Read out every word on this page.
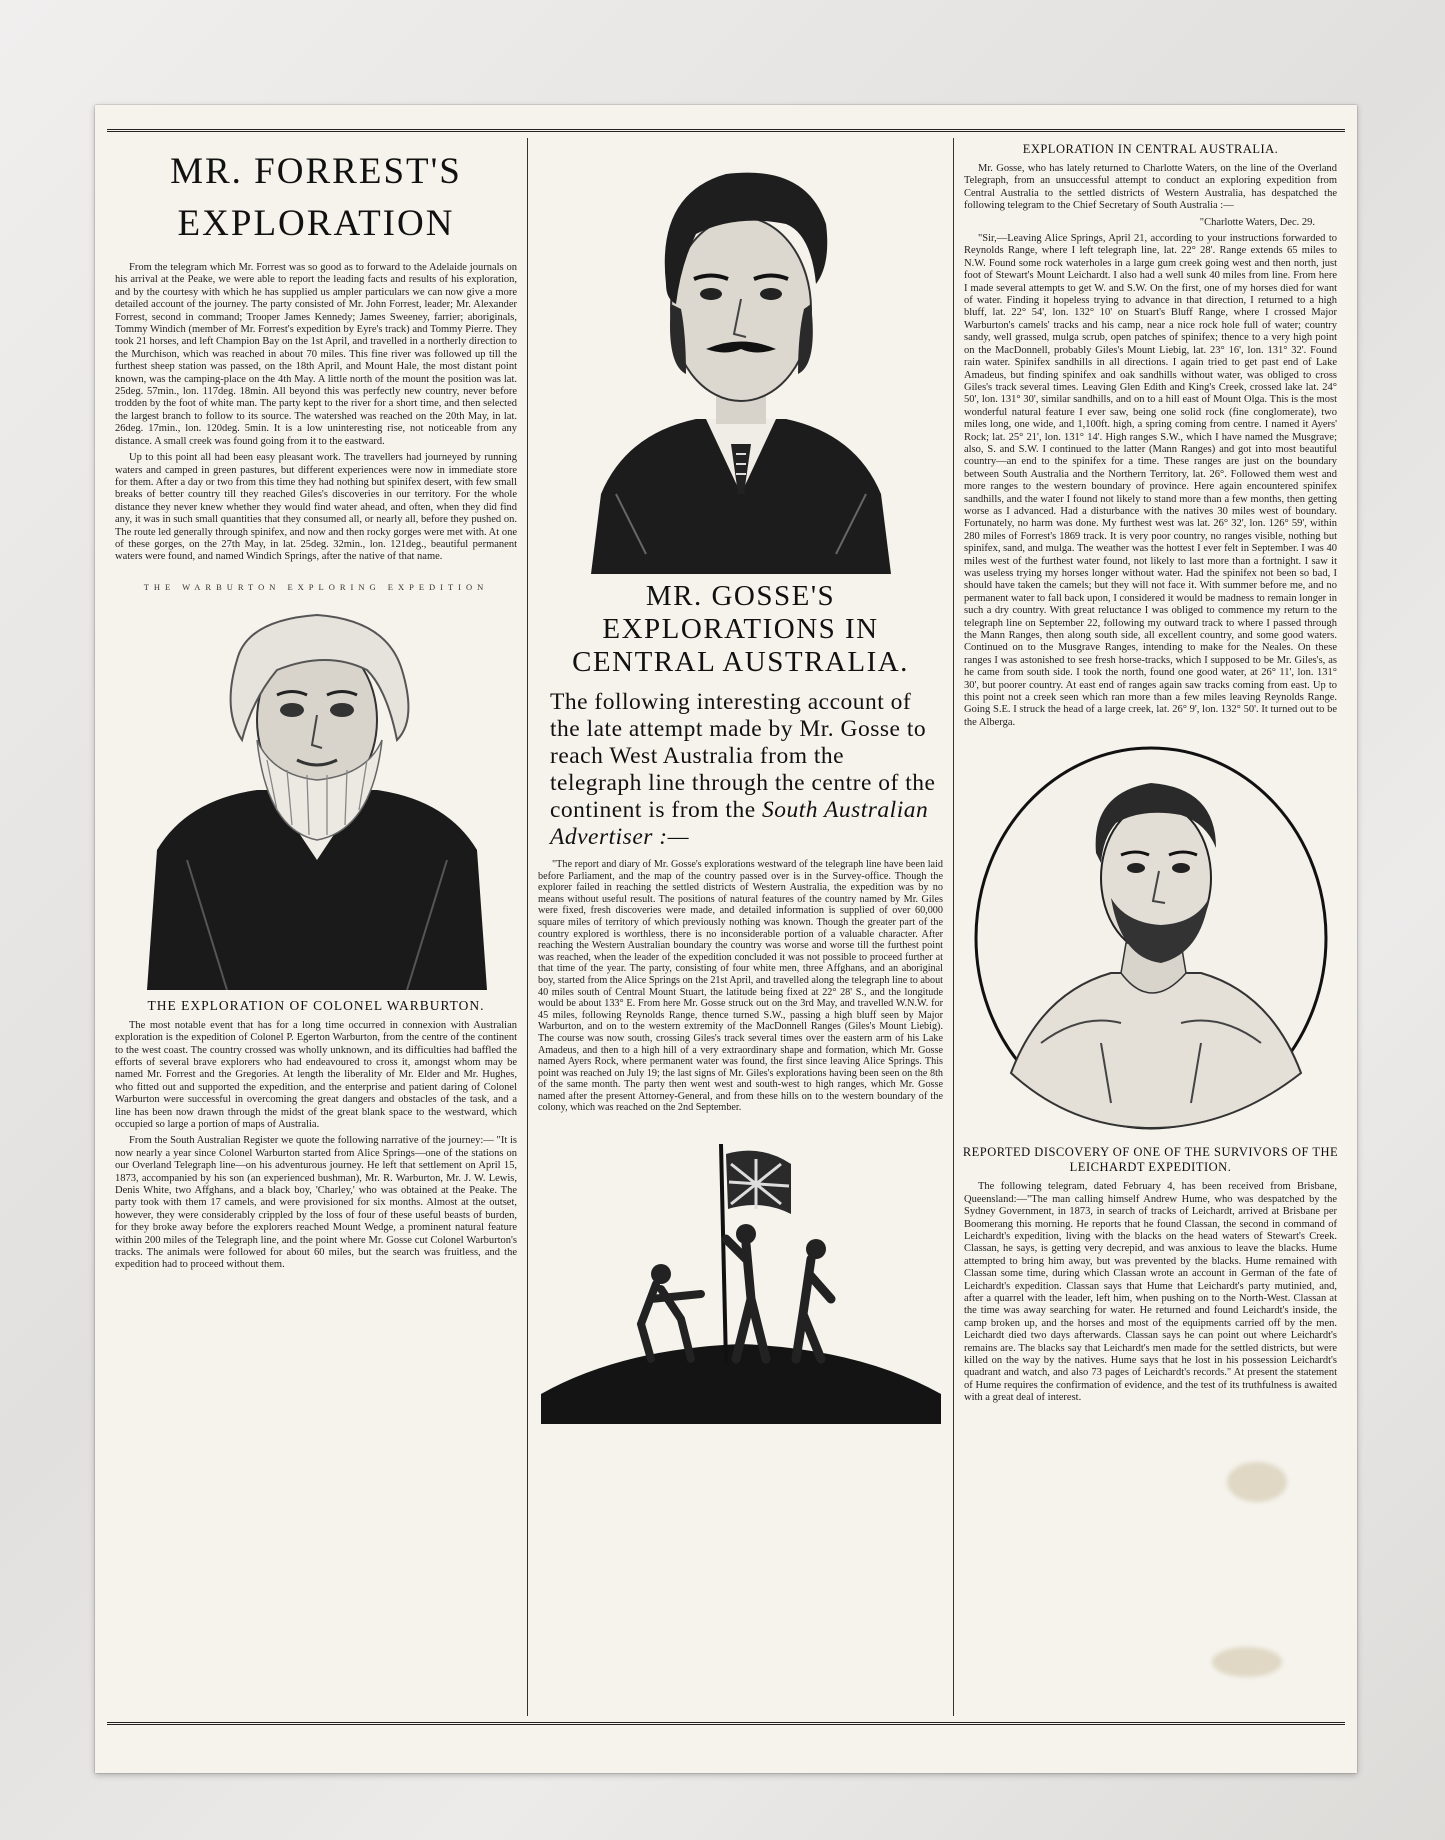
MR. FORREST'S
EXPLORATION

From the telegram which Mr. Forrest was so good as to forward to the Adelaide journals on his arrival at the Peake, we were able to report the leading facts and results of his exploration, and by the courtesy with which he has supplied us ampler particulars we can now give a more detailed account of the journey. The party consisted of Mr. John Forrest, leader; Mr. Alexander Forrest, second in command; Trooper James Kennedy; James Sweeney, farrier; aboriginals, Tommy Windich (member of Mr. Forrest's expedition by Eyre's track) and Tommy Pierre. They took 21 horses, and left Champion Bay on the 1st April, and travelled in a northerly direction to the Murchison, which was reached in about 70 miles. This fine river was followed up till the furthest sheep station was passed, on the 18th April, and Mount Hale, the most distant point known, was the camping-place on the 4th May. A little north of the mount the position was lat. 25deg. 57min., lon. 117deg. 18min. All beyond this was perfectly new country, never before trodden by the foot of white man. The party kept to the river for a short time, and then selected the largest branch to follow to its source. The watershed was reached on the 20th May, in lat. 26deg. 17min., lon. 120deg. 5min. It is a low uninteresting rise, not noticeable from any distance. A small creek was found going from it to the eastward.

Up to this point all had been easy pleasant work. The travellers had journeyed by running waters and camped in green pastures, but different experiences were now in immediate store for them. After a day or two from this time they had nothing but spinifex desert, with few small breaks of better country till they reached Giles's discoveries in our territory. For the whole distance they never knew whether they would find water ahead, and often, when they did find any, it was in such small quantities that they consumed all, or nearly all, before they pushed on. The route led generally through spinifex, and now and then rocky gorges were met with. At one of these gorges, on the 27th May, in lat. 25deg. 32min., lon. 121deg., beautiful permanent waters were found, and named Windich Springs, after the native of that name.

THE WARBURTON EXPLORING EXPEDITION
THE EXPLORATION OF COLONEL WARBURTON.

The most notable event that has for a long time occurred in connexion with Australian exploration is the expedition of Colonel P. Egerton Warburton, from the centre of the continent to the west coast. The country crossed was wholly unknown, and its difficulties had baffled the efforts of several brave explorers who had endeavoured to cross it, amongst whom may be named Mr. Forrest and the Gregories. At length the liberality of Mr. Elder and Mr. Hughes, who fitted out and supported the expedition, and the enterprise and patient daring of Colonel Warburton were successful in overcoming the great dangers and obstacles of the task, and a line has been now drawn through the midst of the great blank space to the westward, which occupied so large a portion of maps of Australia.

From the South Australian Register we quote the following narrative of the journey:— "It is now nearly a year since Colonel Warburton started from Alice Springs—one of the stations on our Overland Telegraph line—on his adventurous journey. He left that settlement on April 15, 1873, accompanied by his son (an experienced bushman), Mr. R. Warburton, Mr. J. W. Lewis, Denis White, two Affghans, and a black boy, 'Charley,' who was obtained at the Peake. The party took with them 17 camels, and were provisioned for six months. Almost at the outset, however, they were considerably crippled by the loss of four of these useful beasts of burden, for they broke away before the explorers reached Mount Wedge, a prominent natural feature within 200 miles of the Telegraph line, and the point where Mr. Gosse cut Colonel Warburton's tracks. The animals were followed for about 60 miles, but the search was fruitless, and the expedition had to proceed without them.

MR. GOSSE'S EXPLORATIONS IN CENTRAL AUSTRALIA.
The following interesting account of the late attempt made by Mr. Gosse to reach West Australia from the telegraph line through the centre of the continent is from the South Australian Advertiser :—

"The report and diary of Mr. Gosse's explorations westward of the telegraph line have been laid before Parliament, and the map of the country passed over is in the Survey-office. Though the explorer failed in reaching the settled districts of Western Australia, the expedition was by no means without useful result. The positions of natural features of the country named by Mr. Giles were fixed, fresh discoveries were made, and detailed information is supplied of over 60,000 square miles of territory of which previously nothing was known. Though the greater part of the country explored is worthless, there is no inconsiderable portion of a valuable character. After reaching the Western Australian boundary the country was worse and worse till the furthest point was reached, when the leader of the expedition concluded it was not possible to proceed further at that time of the year. The party, consisting of four white men, three Affghans, and an aboriginal boy, started from the Alice Springs on the 21st April, and travelled along the telegraph line to about 40 miles south of Central Mount Stuart, the latitude being fixed at 22° 28' S., and the longitude would be about 133° E. From here Mr. Gosse struck out on the 3rd May, and travelled W.N.W. for 45 miles, following Reynolds Range, thence turned S.W., passing a high bluff seen by Major Warburton, and on to the western extremity of the MacDonnell Ranges (Giles's Mount Liebig). The course was now south, crossing Giles's track several times over the eastern arm of his Lake Amadeus, and then to a high hill of a very extraordinary shape and formation, which Mr. Gosse named Ayers Rock, where permanent water was found, the first since leaving Alice Springs. This point was reached on July 19; the last signs of Mr. Giles's explorations having been seen on the 8th of the same month. The party then went west and south-west to high ranges, which Mr. Gosse named after the present Attorney-General, and from these hills on to the western boundary of the colony, which was reached on the 2nd September.

EXPLORATION IN CENTRAL AUSTRALIA.

Mr. Gosse, who has lately returned to Charlotte Waters, on the line of the Overland Telegraph, from an unsuccessful attempt to conduct an exploring expedition from Central Australia to the settled districts of Western Australia, has despatched the following telegram to the Chief Secretary of South Australia :—

"Charlotte Waters, Dec. 29.

"Sir,—Leaving Alice Springs, April 21, according to your instructions forwarded to Reynolds Range, where I left telegraph line, lat. 22° 28'. Range extends 65 miles to N.W. Found some rock waterholes in a large gum creek going west and then north, just foot of Stewart's Mount Leichardt. I also had a well sunk 40 miles from line. From here I made several attempts to get W. and S.W. On the first, one of my horses died for want of water. Finding it hopeless trying to advance in that direction, I returned to a high bluff, lat. 22° 54', lon. 132° 10' on Stuart's Bluff Range, where I crossed Major Warburton's camels' tracks and his camp, near a nice rock hole full of water; country sandy, well grassed, mulga scrub, open patches of spinifex; thence to a very high point on the MacDonnell, probably Giles's Mount Liebig, lat. 23° 16', lon. 131° 32'. Found rain water. Spinifex sandhills in all directions. I again tried to get past end of Lake Amadeus, but finding spinifex and oak sandhills without water, was obliged to cross Giles's track several times. Leaving Glen Edith and King's Creek, crossed lake lat. 24° 50', lon. 131° 30', similar sandhills, and on to a hill east of Mount Olga. This is the most wonderful natural feature I ever saw, being one solid rock (fine conglomerate), two miles long, one wide, and 1,100ft. high, a spring coming from centre. I named it Ayers' Rock; lat. 25° 21', lon. 131° 14'. High ranges S.W., which I have named the Musgrave; also, S. and S.W. I continued to the latter (Mann Ranges) and got into most beautiful country—an end to the spinifex for a time. These ranges are just on the boundary between South Australia and the Northern Territory, lat. 26°. Followed them west and more ranges to the western boundary of province. Here again encountered spinifex sandhills, and the water I found not likely to stand more than a few months, then getting worse as I advanced. Had a disturbance with the natives 30 miles west of boundary. Fortunately, no harm was done. My furthest west was lat. 26° 32', lon. 126° 59', within 280 miles of Forrest's 1869 track. It is very poor country, no ranges visible, nothing but spinifex, sand, and mulga. The weather was the hottest I ever felt in September. I was 40 miles west of the furthest water found, not likely to last more than a fortnight. I saw it was useless trying my horses longer without water. Had the spinifex not been so bad, I should have taken the camels; but they will not face it. With summer before me, and no permanent water to fall back upon, I considered it would be madness to remain longer in such a dry country. With great reluctance I was obliged to commence my return to the telegraph line on September 22, following my outward track to where I passed through the Mann Ranges, then along south side, all excellent country, and some good waters. Continued on to the Musgrave Ranges, intending to make for the Neales. On these ranges I was astonished to see fresh horse-tracks, which I supposed to be Mr. Giles's, as he came from south side. I took the north, found one good water, at 26° 11', lon. 131° 30', but poorer country. At east end of ranges again saw tracks coming from east. Up to this point not a creek seen which ran more than a few miles leaving Reynolds Range. Going S.E. I struck the head of a large creek, lat. 26° 9', lon. 132° 50'. It turned out to be the Alberga.

REPORTED DISCOVERY OF ONE OF THE SURVIVORS OF THE LEICHARDT EXPEDITION.

The following telegram, dated February 4, has been received from Brisbane, Queensland:—"The man calling himself Andrew Hume, who was despatched by the Sydney Government, in 1873, in search of tracks of Leichardt, arrived at Brisbane per Boomerang this morning. He reports that he found Classan, the second in command of Leichardt's expedition, living with the blacks on the head waters of Stewart's Creek. Classan, he says, is getting very decrepid, and was anxious to leave the blacks. Hume attempted to bring him away, but was prevented by the blacks. Hume remained with Classan some time, during which Classan wrote an account in German of the fate of Leichardt's expedition. Classan says that Hume that Leichardt's party mutinied, and, after a quarrel with the leader, left him, when pushing on to the North-West. Classan at the time was away searching for water. He returned and found Leichardt's inside, the camp broken up, and the horses and most of the equipments carried off by the men. Leichardt died two days afterwards. Classan says he can point out where Leichardt's remains are. The blacks say that Leichardt's men made for the settled districts, but were killed on the way by the natives. Hume says that he lost in his possession Leichardt's quadrant and watch, and also 73 pages of Leichardt's records." At present the statement of Hume requires the confirmation of evidence, and the test of its truthfulness is awaited with a great deal of interest.
